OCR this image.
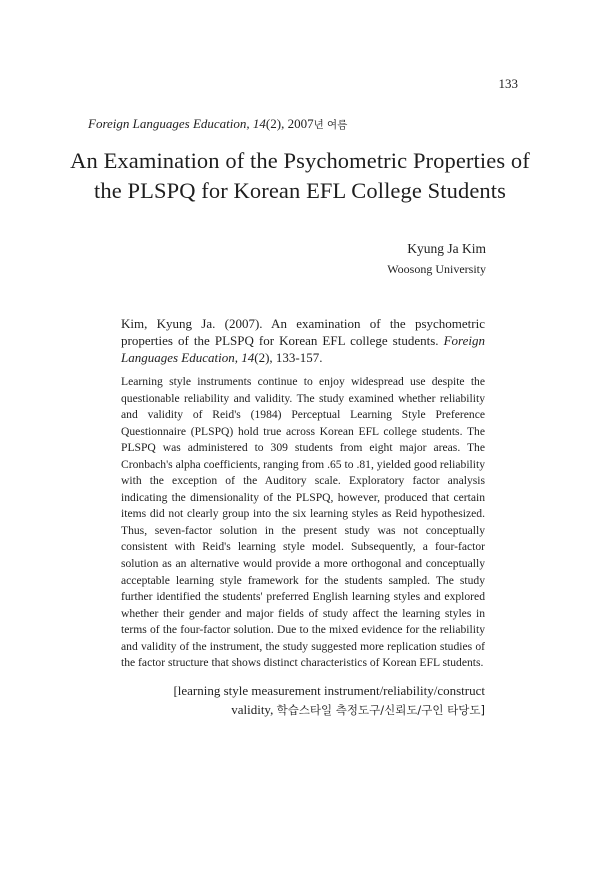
133
Foreign Languages Education, 14(2), 2007년 여름
An Examination of the Psychometric Properties of
the PLSPQ for Korean EFL College Students
Kyung Ja Kim
Woosong University
Kim, Kyung Ja. (2007). An examination of the psychometric properties of the PLSPQ for Korean EFL college students. Foreign Languages Education, 14(2), 133-157.

Learning style instruments continue to enjoy widespread use despite the questionable reliability and validity. The study examined whether reliability and validity of Reid's (1984) Perceptual Learning Style Preference Questionnaire (PLSPQ) hold true across Korean EFL college students. The PLSPQ was administered to 309 students from eight major areas. The Cronbach's alpha coefficients, ranging from .65 to .81, yielded good reliability with the exception of the Auditory scale. Exploratory factor analysis indicating the dimensionality of the PLSPQ, however, produced that certain items did not clearly group into the six learning styles as Reid hypothesized. Thus, seven-factor solution in the present study was not conceptually consistent with Reid's learning style model. Subsequently, a four-factor solution as an alternative would provide a more orthogonal and conceptually acceptable learning style framework for the students sampled. The study further identified the students' preferred English learning styles and explored whether their gender and major fields of study affect the learning styles in terms of the four-factor solution. Due to the mixed evidence for the reliability and validity of the instrument, the study suggested more replication studies of the factor structure that shows distinct characteristics of Korean EFL students.

[learning style measurement instrument/reliability/construct
validity, 학습스타일 측정도구/신뢰도/구인 타당도]
